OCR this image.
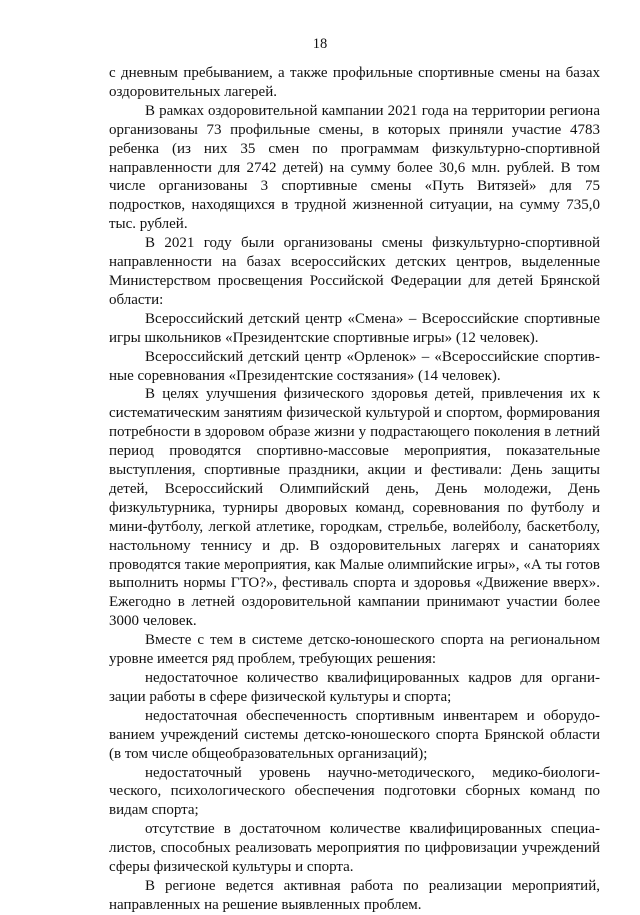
18

с дневным пребыванием, а также профильные спортивные смены на базах оздоровительных лагерей.

В рамках оздоровительной кампании 2021 года на территории региона организованы 73 профильные смены, в которых приняли участие 4783 ребенка (из них 35 смен по программам физкультурно-спортивной направленности для 2742 детей) на сумму более 30,6 млн. рублей. В том числе организованы 3 спортивные смены «Путь Витязей» для 75 подростков, находящихся в трудной жизненной ситуации, на сумму 735,0 тыс. рублей.

В 2021 году были организованы смены физкультурно-спортивной направленности на базах всероссийских детских центров, выделенные Министерством просвещения Российской Федерации для детей Брянской области:

Всероссийский детский центр «Смена» – Всероссийские спортивные игры школьников «Президентские спортивные игры» (12 человек).

Всероссийский детский центр «Орленок» – «Всероссийские спортивные соревнования «Президентские состязания» (14 человек).

В целях улучшения физического здоровья детей, привлечения их к систематическим занятиям физической культурой и спортом, формирования потребности в здоровом образе жизни у подрастающего поколения в летний период проводятся спортивно-массовые мероприятия, показательные выступления, спортивные праздники, акции и фестивали: День защиты детей, Всероссийский Олимпийский день, День молодежи, День физкультурника, турниры дворовых команд, соревнования по футболу и мини-футболу, легкой атлетике, городкам, стрельбе, волейболу, баскетболу, настольному теннису и др. В оздоровительных лагерях и санаториях проводятся такие мероприятия, как Малые олимпийские игры», «А ты готов выполнить нормы ГТО?», фестиваль спорта и здоровья «Движение вверх». Ежегодно в летней оздоровительной кампании принимают участии более 3000 человек.

Вместе с тем в системе детско-юношеского спорта на региональном уровне имеется ряд проблем, требующих решения:

недостаточное количество квалифицированных кадров для организации работы в сфере физической культуры и спорта;

недостаточная обеспеченность спортивным инвентарем и оборудованием учреждений системы детско-юношеского спорта Брянской области (в том числе общеобразовательных организаций);

недостаточный уровень научно-методического, медико-биологического, психологического обеспечения подготовки сборных команд по видам спорта;

отсутствие в достаточном количестве квалифицированных специалистов, способных реализовать мероприятия по цифровизации учреждений сферы физической культуры и спорта.

В регионе ведется активная работа по реализации мероприятий, направленных на решение выявленных проблем.
